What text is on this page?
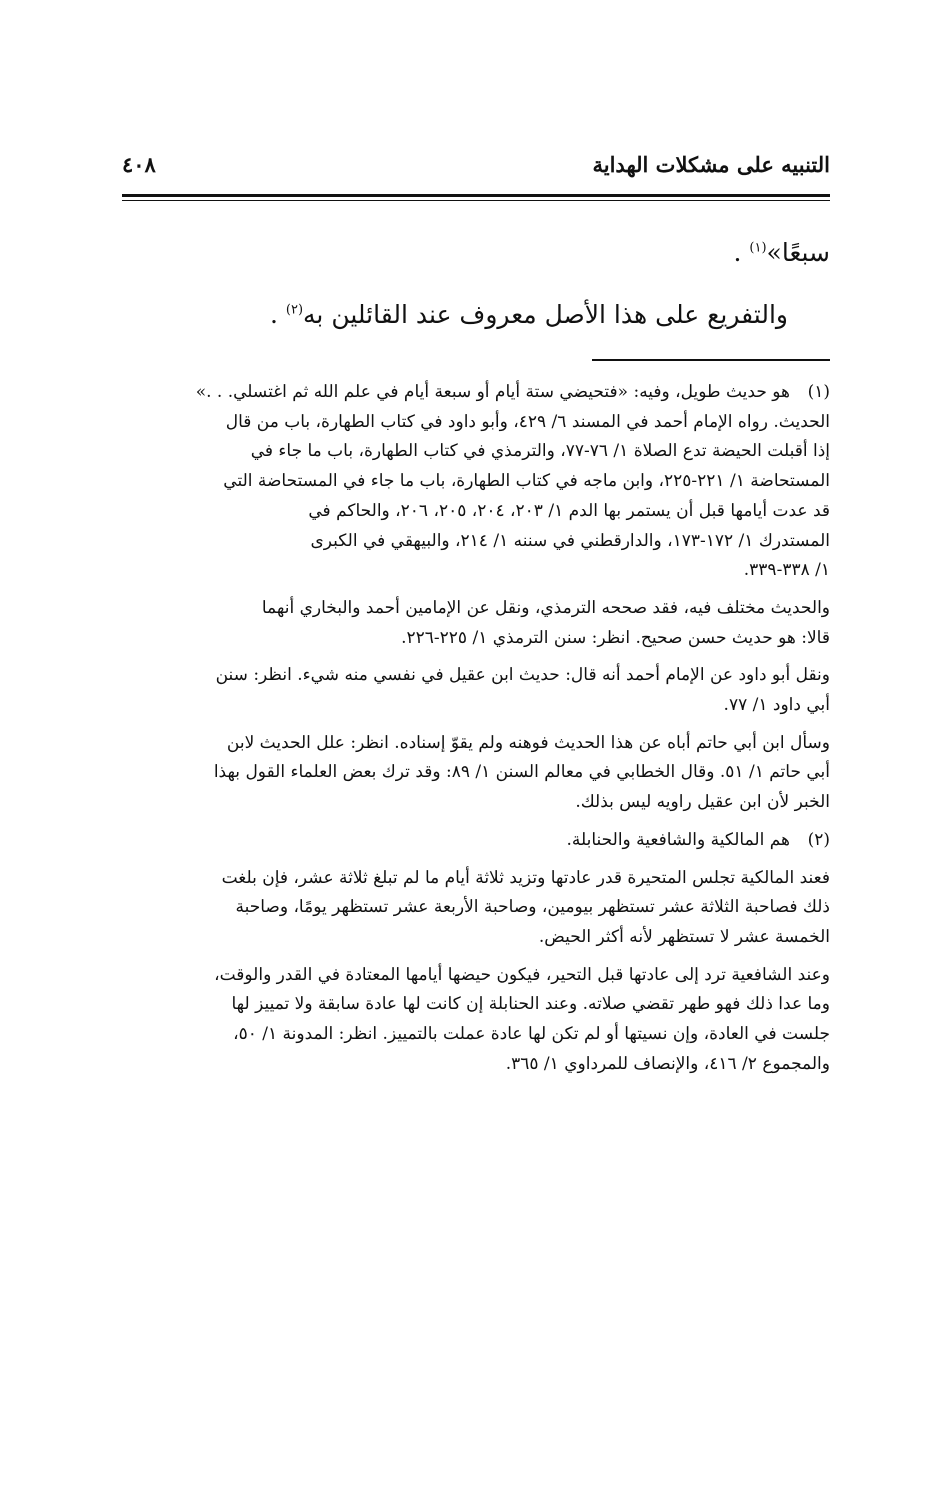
التنبيه على مشكلات الهداية
٤٠٨

سبعًا»$^{(١)}$ .

والتفريع على هذا الأصل معروف عند القائلين به$^{(٢)}$ .

(١)
هو حديث طويل، وفيه: «فتحيضي ستة أيام أو سبعة أيام في علم الله ثم اغتسلي. . .»
الحديث. رواه الإمام أحمد في المسند ٦/ ٤٢٩، وأبو داود في كتاب الطهارة، باب من قال
إذا أقبلت الحيضة تدع الصلاة ١/ ٧٦-٧٧، والترمذي في كتاب الطهارة، باب ما جاء في
المستحاضة ١/ ٢٢١-٢٢٥، وابن ماجه في كتاب الطهارة، باب ما جاء في المستحاضة التي
قد عدت أيامها قبل أن يستمر بها الدم ١/ ٢٠٣، ٢٠٤، ٢٠٥، ٢٠٦، والحاكم في
المستدرك ١/ ١٧٢-١٧٣، والدارقطني في سننه ١/ ٢١٤، والبيهقي في الكبرى
١/ ٣٣٨-٣٣٩.
والحديث مختلف فيه، فقد صححه الترمذي، ونقل عن الإمامين أحمد والبخاري أنهما
قالا: هو حديث حسن صحيح. انظر: سنن الترمذي ١/ ٢٢٥-٢٢٦.
ونقل أبو داود عن الإمام أحمد أنه قال: حديث ابن عقيل في نفسي منه شيء. انظر: سنن
أبي داود ١/ ٧٧.
وسأل ابن أبي حاتم أباه عن هذا الحديث فوهنه ولم يقوّ إسناده. انظر: علل الحديث لابن
أبي حاتم ١/ ٥١. وقال الخطابي في معالم السنن ١/ ٨٩: وقد ترك بعض العلماء القول بهذا
الخبر لأن ابن عقيل راويه ليس بذلك.
(٢)
هم المالكية والشافعية والحنابلة.
فعند المالكية تجلس المتحيرة قدر عادتها وتزيد ثلاثة أيام ما لم تبلغ ثلاثة عشر، فإن بلغت
ذلك فصاحبة الثلاثة عشر تستظهر بيومين، وصاحبة الأربعة عشر تستظهر يومًا، وصاحبة
الخمسة عشر لا تستظهر لأنه أكثر الحيض.
وعند الشافعية ترد إلى عادتها قبل التحير، فيكون حيضها أيامها المعتادة في القدر والوقت،
وما عدا ذلك فهو طهر تقضي صلاته. وعند الحنابلة إن كانت لها عادة سابقة ولا تمييز لها
جلست في العادة، وإن نسيتها أو لم تكن لها عادة عملت بالتمييز. انظر: المدونة ١/ ٥٠،
والمجموع ٢/ ٤١٦، والإنصاف للمرداوي ١/ ٣٦٥.
